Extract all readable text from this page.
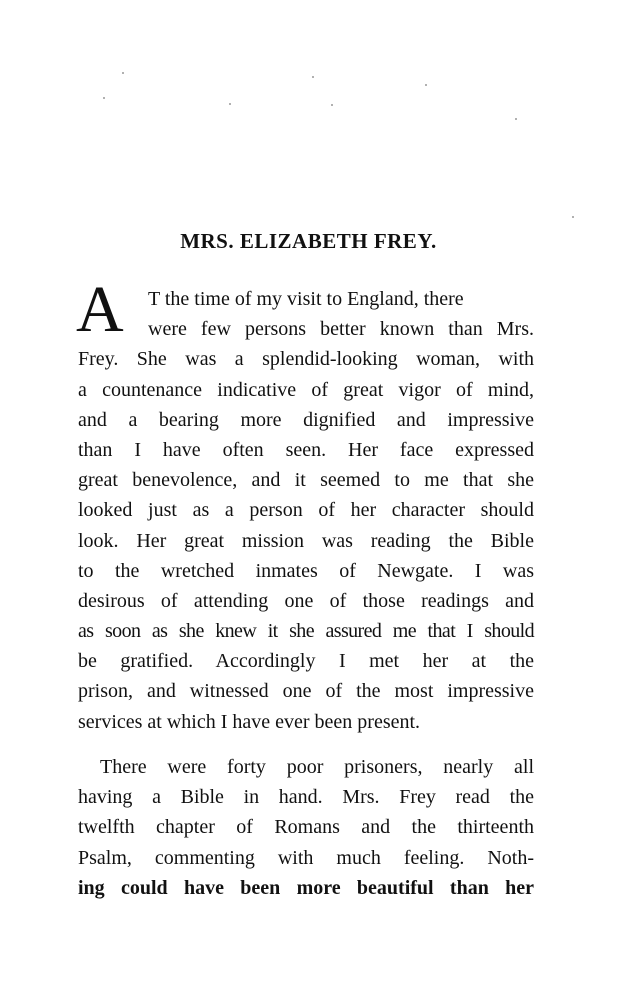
MRS. ELIZABETH FREY.
A	T the time of my visit to England, there
were few persons better known than Mrs.
Frey. She was a splendid-looking woman, with
a countenance indicative of great vigor of mind,
and a bearing more dignified and impressive
than I have often seen. Her face expressed
great benevolence, and it seemed to me that she
looked just as a person of her character should
look. Her great mission was reading the Bible
to the wretched inmates of Newgate. I was
desirous of attending one of those readings and
as soon as she knew it she assured me that I should
be gratified. Accordingly I met her at the
prison, and witnessed one of the most impressive
services at which I have ever been present.
There were forty poor prisoners, nearly all
having a Bible in hand. Mrs. Frey read the
twelfth chapter of Romans and the thirteenth
Psalm, commenting with much feeling. Noth-
ing could have been more beautiful than her
